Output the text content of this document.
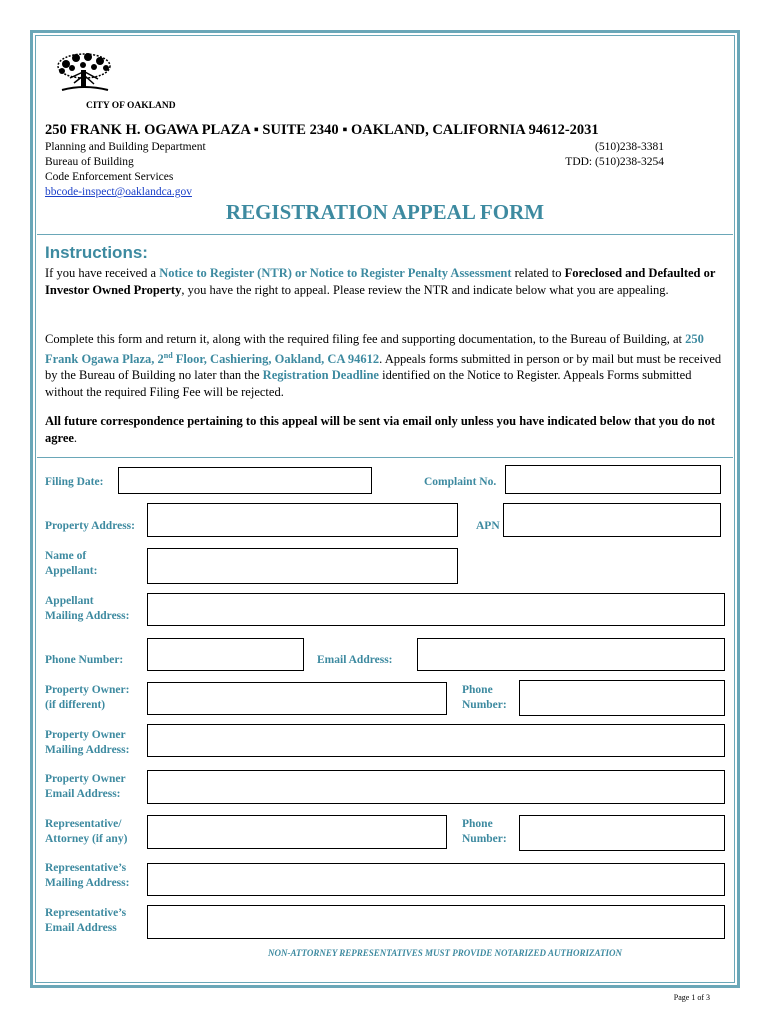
CITY OF OAKLAND
250 FRANK H. OGAWA PLAZA ▪ SUITE 2340 ▪ OAKLAND, CALIFORNIA 94612-2031
Planning and Building Department
Bureau of Building
Code Enforcement Services
bbcode-inspect@oaklandca.gov
(510)238-3381
TDD: (510)238-3254
REGISTRATION APPEAL FORM
Instructions:
If you have received a Notice to Register (NTR) or Notice to Register Penalty Assessment related to Foreclosed and Defaulted or Investor Owned Property, you have the right to appeal. Please review the NTR and indicate below what you are appealing.
Complete this form and return it, along with the required filing fee and supporting documentation, to the Bureau of Building, at 250 Frank Ogawa Plaza, 2nd Floor, Cashiering, Oakland, CA 94612. Appeals forms submitted in person or by mail but must be received by the Bureau of Building no later than the Registration Deadline identified on the Notice to Register. Appeals Forms submitted without the required Filing Fee will be rejected.
All future correspondence pertaining to this appeal will be sent via email only unless you have indicated below that you do not agree.
Filing Date:	Complaint No.
Property Address:	APN
Name of
Appellant:
Appellant
Mailing Address:
Phone Number:	Email Address:
Property Owner:
(if different)
Phone
Number:
Property Owner
Mailing Address:
Property Owner
Email Address:
Representative/
Attorney (if any)
Phone
Number:
Representative’s
Mailing Address:
Representative’s
Email Address
NON-ATTORNEY REPRESENTATIVES MUST PROVIDE NOTARIZED AUTHORIZATION
Page 1 of 3
